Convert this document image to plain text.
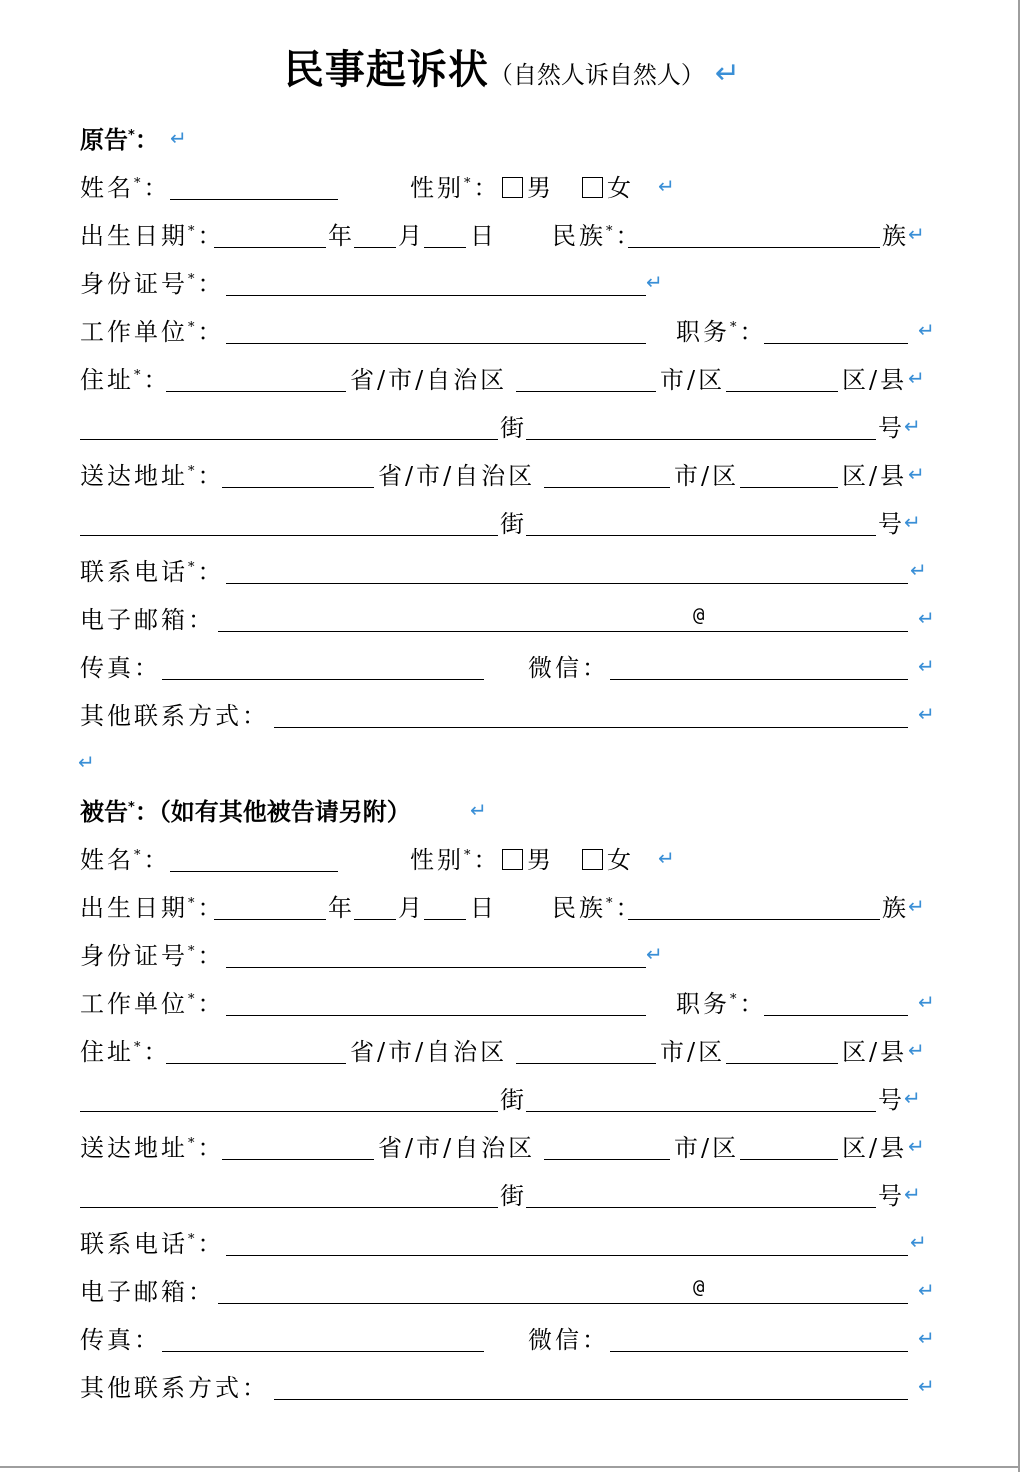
民事起诉状（自然人诉自然人） ↵
原告*： ↵
姓名*：	性别*：	男	女 ↵
出生日期*：	年 月 日 民族*：	族 ↵
身份证号*：	↵
工作单位*：	职务*：	↵
住址*：	省/市/自治区	市/区	区/县 ↵
街	号 ↵
送达地址*：	省/市/自治区	市/区	区/县 ↵
街	号 ↵
联系电话*：	↵
电子邮箱：	@	↵
传真：	微信：	↵
其他联系方式：	↵
↵
被告*：（如有其他被告请另附）	↵
姓名*：	性别*：	男	女 ↵
出生日期*：	年 月 日 民族*：	族 ↵
身份证号*：	↵
工作单位*：	职务*：	↵
住址*：	省/市/自治区	市/区	区/县 ↵
街	号 ↵
送达地址*：	省/市/自治区	市/区	区/县 ↵
街	号 ↵
联系电话*：	↵
电子邮箱：	@	↵
传真：	微信：	↵
其他联系方式：	↵
